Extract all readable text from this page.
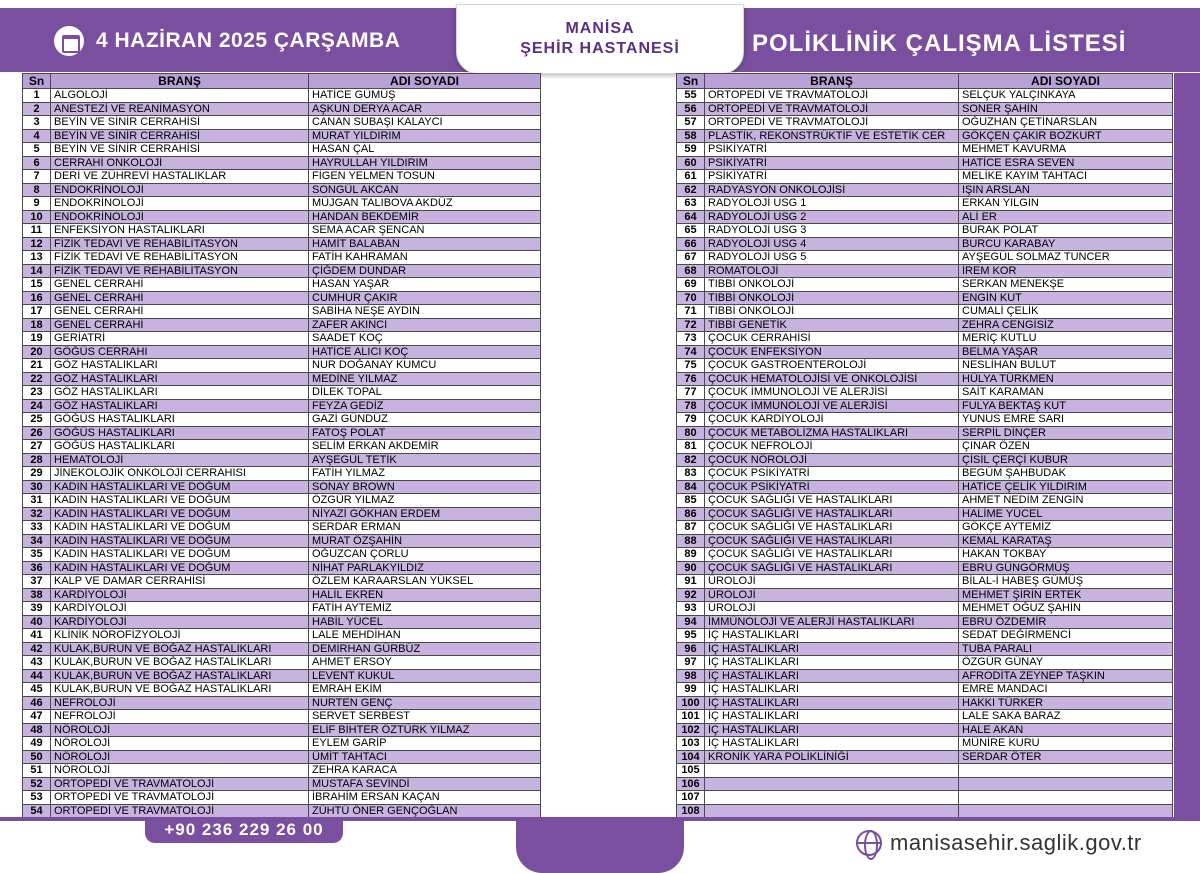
4 HAZİRAN 2025 ÇARŞAMBA
MANİSA
ŞEHİR HASTANESİ	POLİKLİNİK ÇALIŞMA LİSTESİ
Sn	BRANŞ	ADI SOYADI
1	ALGOLOJİ	HATİCE GÜMÜŞ
2	ANESTEZİ VE REANİMASYON	AŞKUN DERYA ACAR
3	BEYİN VE SİNİR CERRAHİSİ	CANAN SUBAŞI KALAYCI
4	BEYİN VE SİNİR CERRAHİSİ	MURAT YILDIRIM
5	BEYİN VE SİNİR CERRAHİSİ	HASAN ÇAL
6	CERRAHİ ONKOLOJİ	HAYRULLAH YILDIRIM
7	DERİ VE ZÜHREVİ HASTALIKLAR	FİGEN YELMEN TOSUN
8	ENDOKRİNOLOJİ	SONGÜL AKCAN
9	ENDOKRİNOLOJİ	MÜJGAN TALIBOVA AKDÜZ
10	ENDOKRİNOLOJİ	HANDAN BEKDEMİR
11	ENFEKSİYON HASTALIKLARI	SEMA ACAR ŞENCAN
12	FİZİK TEDAVİ VE REHABİLİTASYON	HAMİT BALABAN
13	FİZİK TEDAVİ VE REHABİLİTASYON	FATİH KAHRAMAN
14	FİZİK TEDAVİ VE REHABİLİTASYON	ÇİĞDEM DÜNDAR
15	GENEL CERRAHİ	HASAN YAŞAR
16	GENEL CERRAHİ	CUMHUR ÇAKIR
17	GENEL CERRAHİ	SABİHA NEŞE AYDIN
18	GENEL CERRAHİ	ZAFER AKINCI
19	GERİATRİ	SAADET KOÇ
20	GÖĞÜS CERRAHI	HATİCE ALICI KOÇ
21	GÖZ HASTALIKLARI	NUR DOĞANAY KUMCU
22	GÖZ HASTALIKLARI	MEDİNE YILMAZ
23	GÖZ HASTALIKLARI	DİLEK TOPAL
24	GÖZ HASTALIKLARI	FEYZA GEDİZ
25	GÖĞÜS HASTALIKLARI	GAZİ GÜNDÜZ
26	GÖĞÜS HASTALIKLARI	FATOŞ POLAT
27	GÖĞÜS HASTALIKLARI	SELİM ERKAN AKDEMİR
28	HEMATOLOJİ	AYŞEGÜL TETİK
29	JİNEKOLOJİK ONKOLOJİ CERRAHISI	FATİH YILMAZ
30	KADIN HASTALIKLARI VE DOĞUM	SONAY BROWN
31	KADIN HASTALIKLARI VE DOĞUM	ÖZGÜR YILMAZ
32	KADIN HASTALIKLARI VE DOĞUM	NİYAZİ GÖKHAN ERDEM
33	KADIN HASTALIKLARI VE DOĞUM	SERDAR ERMAN
34	KADIN HASTALIKLARI VE DOĞUM	MURAT ÖZŞAHİN
35	KADIN HASTALIKLARI VE DOĞUM	OĞUZCAN ÇORLU
36	KADIN HASTALIKLARI VE DOĞUM	NİHAT PARLAKYILDIZ
37	KALP VE DAMAR CERRAHİSİ	ÖZLEM KARAARSLAN YÜKSEL
38	KARDİYOLOJİ	HALİL EKREN
39	KARDİYOLOJİ	FATİH AYTEMİZ
40	KARDİYOLOJİ	HABİL YÜCEL
41	KLİNİK NÖROFİZYOLOJİ	LALE MEHDİHAN
42	KULAK,BURUN VE BOĞAZ HASTALIKLARI	DEMİRHAN GÜRBÜZ
43	KULAK,BURUN VE BOĞAZ HASTALIKLARI	AHMET ERSOY
44	KULAK,BURUN VE BOĞAZ HASTALIKLARI	LEVENT KUKUL
45	KULAK,BURUN VE BOĞAZ HASTALIKLARI	EMRAH EKİM
46	NEFROLOJİ	NURTEN GENÇ
47	NEFROLOJİ	SERVET SERBEST
48	NÖROLOJİ	ELİF BİHTER ÖZTÜRK YILMAZ
49	NÖROLOJİ	EYLEM GARİP
50	NÖROLOJİ	ÜMİT TAHTACI
51	NÖROLOJİ	ZEHRA KARACA
52	ORTOPEDİ VE TRAVMATOLOJİ	MUSTAFA SEVİNDİ
53	ORTOPEDİ VE TRAVMATOLOJİ	İBRAHİM ERSAN KAÇAN
54	ORTOPEDİ VE TRAVMATOLOJİ	ZÜHTÜ ÖNER GENÇOĞLAN
Sn	BRANŞ	ADI SOYADI
55	ORTOPEDİ VE TRAVMATOLOJİ	SELÇUK YALÇINKAYA
56	ORTOPEDİ VE TRAVMATOLOJİ	SONER ŞAHİN
57	ORTOPEDİ VE TRAVMATOLOJİ	OĞUZHAN ÇETİNARSLAN
58	PLASTİK, REKONSTRÜKTİF VE ESTETİK CER	GÖKÇEN ÇAKIR BOZKURT
59	PSİKİYATRİ	MEHMET KAVURMA
60	PSİKİYATRİ	HATİCE ESRA SEVEN
61	PSİKİYATRİ	MELİKE KAYIM TAHTACI
62	RADYASYON ONKOLOJİSİ	IŞIN ARSLAN
63	RADYOLOJİ USG 1	ERKAN YILGIN
64	RADYOLOJİ USG 2	ALİ ER
65	RADYOLOJİ USG 3	BURAK POLAT
66	RADYOLOJİ USG 4	BURCU KARABAY
67	RADYOLOJİ USG 5	AYŞEGÜL SOLMAZ TUNCER
68	ROMATOLOJİ	İREM KOR
69	TIBBİ ONKOLOJİ	SERKAN MENEKŞE
70	TIBBİ ONKOLOJİ	ENGİN KUT
71	TIBBİ ONKOLOJİ	CUMALİ ÇELİK
72	TIBBİ GENETİK	ZEHRA CENGİSİZ
73	ÇOCUK CERRAHİSİ	MERİÇ KUTLU
74	ÇOCUK ENFEKSİYON	BELMA YAŞAR
75	ÇOCUK GASTROENTEROLOJİ	NESLİHAN BULUT
76	ÇOCUK HEMATOLOJİSİ VE ONKOLOJİSİ	HÜLYA TÜRKMEN
77	ÇOCUK İMMUNOLOJİ VE ALERJİSİ	SAİT KARAMAN
78	ÇOCUK İMMUNOLOJİ VE ALERJİSİ	FULYA BEKTAŞ KUT
79	ÇOCUK KARDİYOLOJİ	YUNUS EMRE SARI
80	ÇOCUK METABOLİZMA HASTALIKLARI	SERPİL DİNÇER
81	ÇOCUK NEFROLOJİ	ÇINAR ÖZEN
82	ÇOCUK NÖROLOJİ	ÇİSİL ÇERÇİ KUBUR
83	ÇOCUK PSİKİYATRİ	BEGÜM ŞAHBUDAK
84	ÇOCUK PSİKİYATRİ	HATİCE ÇELİK YILDIRIM
85	ÇOCUK SAĞLIĞI VE HASTALIKLARI	AHMET NEDİM ZENGİN
86	ÇOCUK SAĞLIĞI VE HASTALIKLARI	HALİME YÜCEL
87	ÇOCUK SAĞLIĞI VE HASTALIKLARI	GÖKÇE AYTEMİZ
88	ÇOCUK SAĞLIĞI VE HASTALIKLARI	KEMAL KARATAŞ
89	ÇOCUK SAĞLIĞI VE HASTALIKLARI	HAKAN TOKBAY
90	ÇOCUK SAĞLIĞI VE HASTALIKLARI	EBRU GÜNGÖRMÜŞ
91	ÜROLOJİ	BİLAL-İ HABEŞ GÜMÜŞ
92	ÜROLOJİ	MEHMET ŞİRİN ERTEK
93	ÜROLOJİ	MEHMET OĞUZ ŞAHİN
94	İMMÜNOLOJİ VE ALERJİ HASTALIKLARI	EBRU ÖZDEMİR
95	İÇ HASTALIKLARI	SEDAT DEĞİRMENCİ
96	İÇ HASTALIKLARI	TUBA PARALI
97	İÇ HASTALIKLARI	ÖZGÜR GÜNAY
98	İÇ HASTALIKLARI	AFRODİTA ZEYNEP TAŞKIN
99	İÇ HASTALIKLARI	EMRE MANDACI
100	İÇ HASTALIKLARI	HAKKI TÜRKER
101	İÇ HASTALIKLARI	LALE SAKA BARAZ
102	İÇ HASTALIKLARI	HALE AKAN
103	İÇ HASTALIKLARI	MÜNİRE KURU
104	KRONİK YARA POLİKLİNİĞİ	SERDAR ÖTER
105		
106		
107		
108		
+90 236 229 26 00
manisasehir.saglik.gov.tr
